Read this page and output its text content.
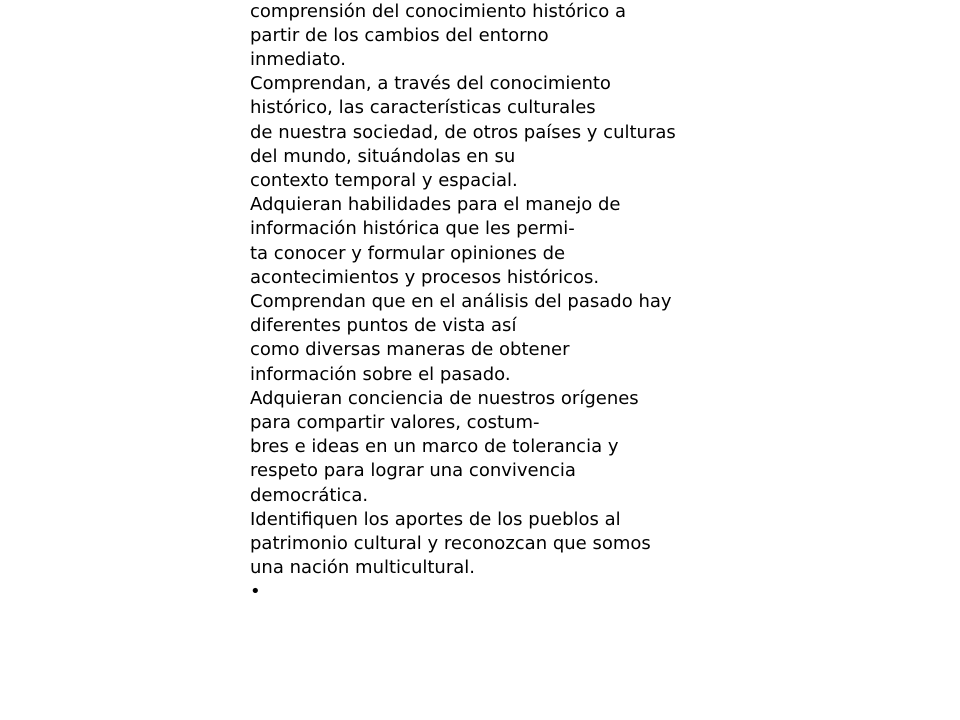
comprensión del conocimiento histórico a
partir de los cambios del entorno
inmediato.
Comprendan, a través del conocimiento
histórico, las características culturales
de nuestra sociedad, de otros países y culturas
del mundo, situándolas en su
contexto temporal y espacial.
Adquieran habilidades para el manejo de
información histórica que les permi-
ta conocer y formular opiniones de
acontecimientos y procesos históricos.
Comprendan que en el análisis del pasado hay
diferentes puntos de vista así
como diversas maneras de obtener
información sobre el pasado.
Adquieran conciencia de nuestros orígenes
para compartir valores, costum-
bres e ideas en un marco de tolerancia y
respeto para lograr una convivencia
democrática.
Identifiquen los aportes de los pueblos al
patrimonio cultural y reconozcan que somos
una nación multicultural.
•
